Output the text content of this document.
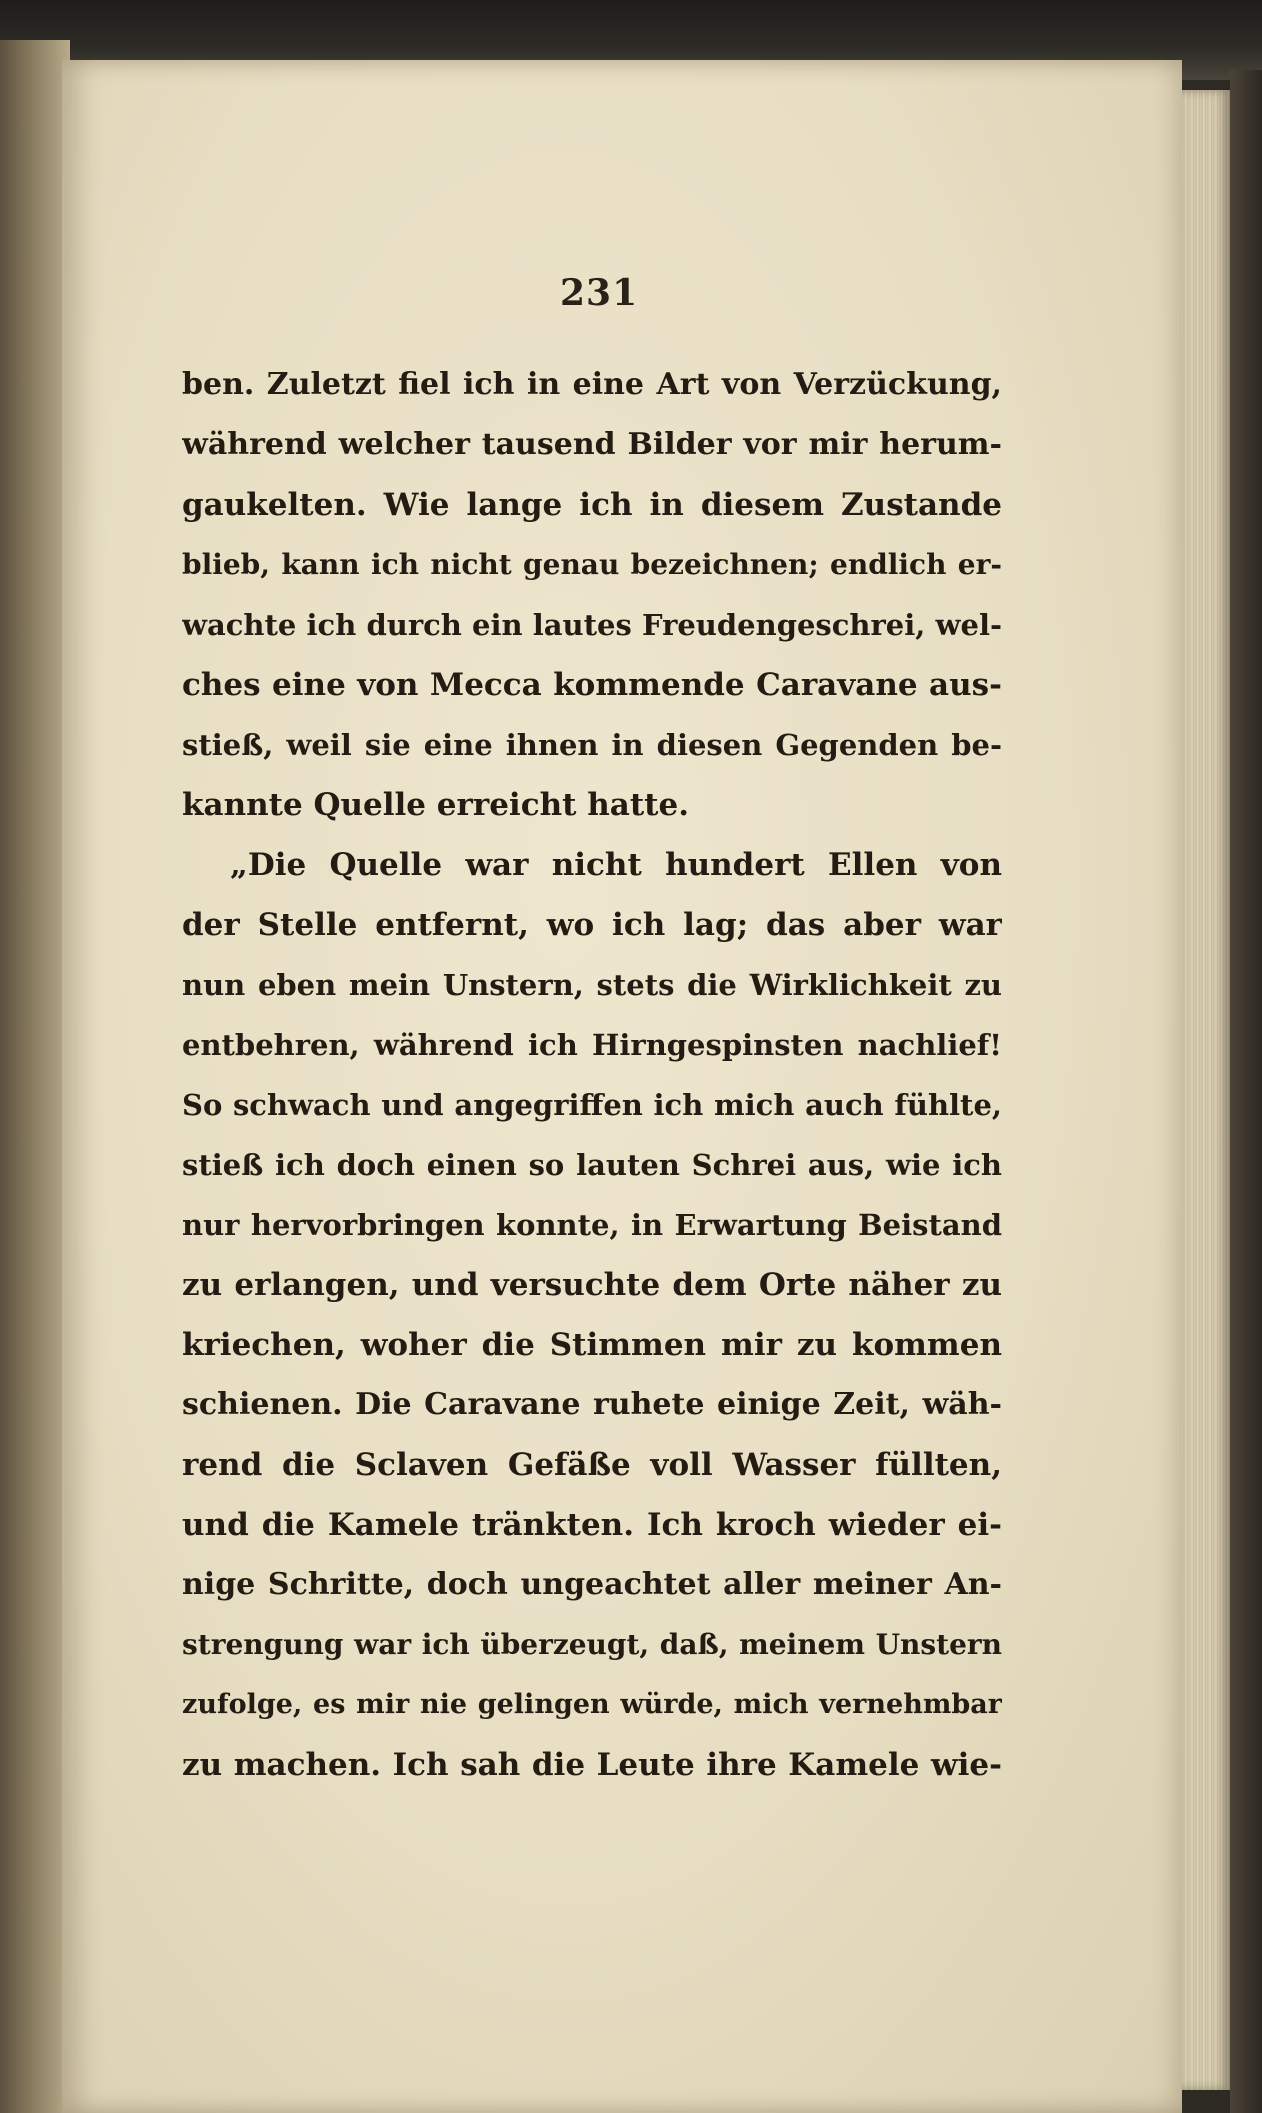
231
ben. Zuletzt fiel ich in eine Art von Verzückung,
während welcher tausend Bilder vor mir herum-
gaukelten. Wie lange ich in diesem Zustande
blieb, kann ich nicht genau bezeichnen; endlich er-
wachte ich durch ein lautes Freudengeschrei, wel-
ches eine von Mecca kommende Caravane aus-
stieß, weil sie eine ihnen in diesen Gegenden be-
kannte Quelle erreicht hatte.
„Die Quelle war nicht hundert Ellen von
der Stelle entfernt, wo ich lag; das aber war
nun eben mein Unstern, stets die Wirklichkeit zu
entbehren, während ich Hirngespinsten nachlief!
So schwach und angegriffen ich mich auch fühlte,
stieß ich doch einen so lauten Schrei aus, wie ich
nur hervorbringen konnte, in Erwartung Beistand
zu erlangen, und versuchte dem Orte näher zu
kriechen, woher die Stimmen mir zu kommen
schienen. Die Caravane ruhete einige Zeit, wäh-
rend die Sclaven Gefäße voll Wasser füllten,
und die Kamele tränkten. Ich kroch wieder ei-
nige Schritte, doch ungeachtet aller meiner An-
strengung war ich überzeugt, daß, meinem Unstern
zufolge, es mir nie gelingen würde, mich vernehmbar
zu machen. Ich sah die Leute ihre Kamele wie-
